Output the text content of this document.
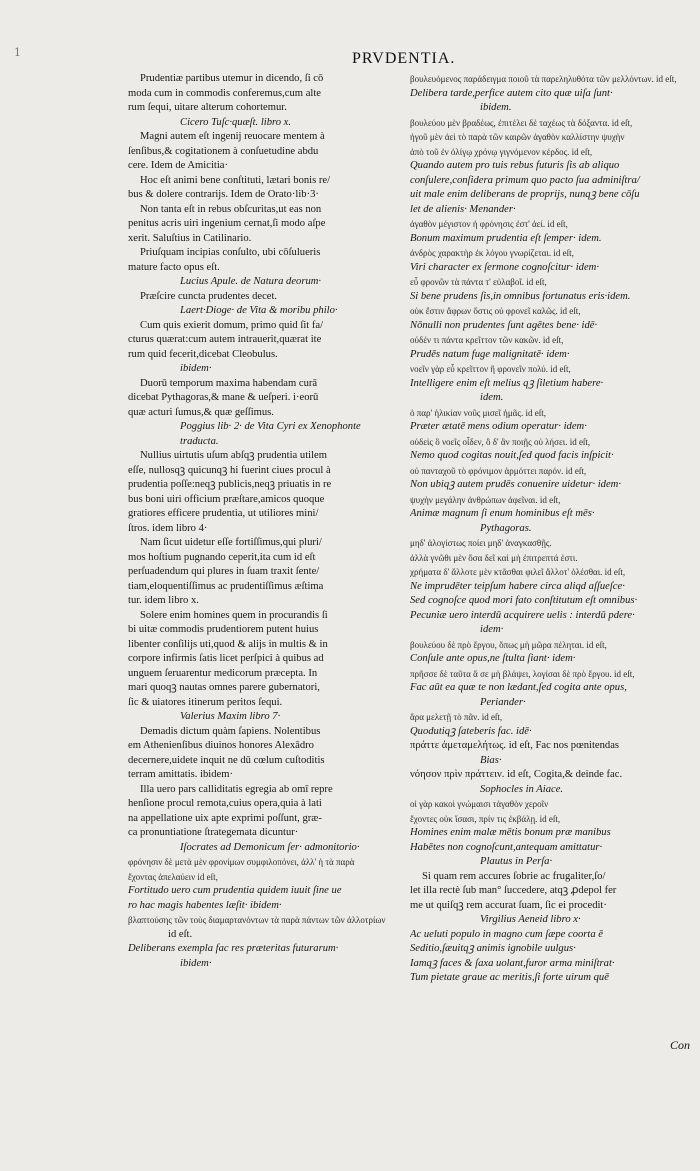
1	PRVDENTIA.
Prudentiæ partibus utemur in dicendo, ſi cō
moda cum in commodis conferemus,cum alte
rum ſequi, uitare alterum cohortemur.
Cicero Tuſc·quæſt. libro x.
Magni autem eſt ingenij reuocare mentem à
ſenſibus,& cogitationem à conſuetudine abdu
cere. Idem de Amicitia·
Hoc eſt animi bene conſtituti, lætari bonis re/
bus & dolere contrarijs. Idem de Orato·lib·3·
Non tanta eſt in rebus obſcuritas,ut eas non
penitus acris uiri ingenium cernat,ſi modo aſpe
xerit. Saluſtius in Catilinario.
Priuſquam incipias conſulto, ubi cōſulueris
mature facto opus eſt.
Lucius Apule. de Natura deorum·
Præſcire cuncta prudentes decet.
Laert·Dioge· de Vita & moribu philo·
Cum quis exierit domum, primo quid ſit fa/
cturus quærat:cum autem intrauerit,quærat ite
rum quid fecerit,dicebat Cleobulus.
ibidem·
Duorū temporum maxima habendam curā
dicebat Pythagoras,& mane & ueſperi. i·eorū
quæ acturi ſumus,& quæ geſſimus.
Poggius lib· 2· de Vita Cyri ex Xenophonte
traducta.
Nullius uirtutis uſum abſqꝫ prudentia utilem
eſſe, nullosqꝫ quicunqꝫ hi fuerint ciues procul à
prudentia poſſe:neqꝫ publicis,neqꝫ priuatis in re
bus boni uiri officium præſtare,amicos quoque
gratiores efficere prudentia, ut utiliores mini/
ſtros. idem libro 4·
Nam ſicut uidetur eſſe fortiſſimus,qui pluri/
mos hoſtium pugnando ceperit,ita cum id eſt
perſuadendum qui plures in ſuam traxit ſente/
tiam,eloquentiſſimus ac prudentiſſimus æſtima
tur. idem libro x.
Solere enim homines quem in procurandis ſi
bi uitæ commodis prudentiorem putent huius
libenter conſilijs uti,quod & alijs in multis & in
corpore infirmis ſatis licet perſpici à quibus ad
unguem ſeruarentur medicorum præcepta. In
mari quoqꝫ nautas omnes parere gubernatori,
ſic & uiatores itinerum peritos ſequi.
Valerius Maxim libro 7·
Demadis dictum quàm ſapiens. Nolentibus
em Athenienſibus diuinos honores Alexādro
decernere,uidete inquit ne dū cœlum cuſtoditis
terram amittatis. ibidem·
Illa uero pars calliditatis egregia ab omī repre
henſione procul remota,cuius opera,quia à lati
na appellatione uix apte exprimi poſſunt, græ-
ca pronuntiatione ſtrategemata dicuntur·
Iſocrates ad Demonicum ſer· admonitorio·
φρόνησιν δὲ μετὰ μὲν φρονίμων συμφιλοπόνει, ἀλλ' ἡ τὰ παρὰ
ἔχοντας ἀπελαύειν id eſt,
Fortitudo uero cum prudentia quidem iuuit ſine ue
ro hac magis habentes læſit· ibidem·
βλαπτούσης τῶν τοὺς διαμαρτανόντων τὰ παρὰ πάντων τῶν ἀλλοτρίων
id eſt.
Deliberans exempla fac res præteritas futurarum·
ibidem·
βουλευόμενος παράδειγμα ποιοῦ τὰ παρεληλυθότα τῶν μελλόντων. id eſt,
Delibera tarde,perfice autem cito quæ uiſa ſunt·
ibidem.
βουλεύου μὲν βραδέως, ἐπιτέλει δὲ ταχέως τὰ δόξαντα. id eſt,
ἡγοῦ μὲν ἀεὶ τὸ παρὰ τῶν καιρῶν ἀγαθὸν καλλίστην ψυχὴν
ἀπὸ τοῦ ἐν ὀλίγῳ χρόνῳ γιγνόμενον κέρδος. id eſt,
Quando autem pro tuis rebus futuris ſis ab aliquo
conſulere,conſidera primum quo pacto ſua adminiſtra/
uit male enim deliberans de proprijs, nunqꝫ bene cōſu
let de alienis· Menander·
ἀγαθὸν μέγιστον ἡ φρόνησις ἐστ' ἀεί. id eſt,
Bonum maximum prudentia eſt ſemper· idem.
ἀνδρὸς χαρακτὴρ ἐκ λόγου γνωρίζεται. id eſt,
Viri character ex ſermone cognoſcitur· idem·
εὖ φρονῶν τὰ πάντα τ' εὐλαβοῖ. id eſt,
Si bene prudens ſis,in omnibus fortunatus eris·idem.
οὐκ ἔστιν ἄφρων ὅστις οὐ φρονεῖ καλῶς. id eſt,
Nōnulli non prudentes ſunt agētes bene· idē·
οὐδέν τι πάντα κρεῖττον τῶν κακῶν. id eſt,
Prudēs natum fuge malignitatē· idem·
νοεῖν γὰρ εὖ κρεῖττον ἢ φρονεῖν πολύ. id eſt,
Intelligere enim eſt melius qꝫ ſiletium habere·
idem.
ὁ παρ' ἡλικίαν νοῦς μισεῖ ἡμᾶς. id eſt,
Præter ætatē mens odium operatur· idem·
οὐδεὶς ὃ νοεῖς οἶδεν, ὃ δ' ἂν ποιῇς οὐ λήσει. id eſt,
Nemo quod cogitas nouit,ſed quod facis inſpicit·
οὐ πανταχοῦ τὸ φρόνιμον ἁρμόττει παρόν. id eſt,
Non ubiqꝫ autem prudēs conuenire uidetur· idem·
ψυχὴν μεγάλην ἀνθρώπων ἀφεῖναι. id eſt,
Animæ magnum ſi enum hominibus eſt mēs·
Pythagoras.
μηδ' ἀλογίστως ποίει μηδ' ἀναγκασθῇς.
ἀλλὰ γνῶθι μὲν ὅσα δεῖ καὶ μὴ ἐπιτρεπτά ἐστι.
χρήματα δ' ἄλλοτε μὲν κτᾶσθαι φιλεῖ ἄλλοτ' ὀλέσθαι. id eſt,
Ne imprudēter teipſum habere circa aliqd aſſueſce·
Sed cognoſce quod mori fato conſtitutum eſt omnibus·
Pecuniæ uero interdū acquirere uelis : interdū pdere·
idem·
βουλεύου δὲ πρὸ ἔργου, ὅπως μὴ μῶρα πέληται. id eſt,
Conſule ante opus,ne ſtulta ſiant· idem·
πρῆσσε δὲ ταῦτα ἅ σε μὴ βλάψει, λογίσαι δὲ πρὸ ἔργου. id eſt,
Fac aūt ea quæ te non lædant,ſed cogita ante opus,
Periander·
ἄρα μελετῇ τὸ πᾶν. id eſt,
Quodutiqꝫ ſateberis fac. idē·
πράττε ἀμεταμελήτως. id eſt, Fac nos pœnitendas
Bias·
νόησον πρὶν πράττειν. id eſt, Cogita,& deinde fac.
Sophocles in Aiace.
οἱ γὰρ κακοὶ γνώμαισι τἀγαθὸν χεροῖν
ἔχοντες οὐκ ἴσασι, πρίν τις ἐκβάλῃ. id eſt,
Homines enim malæ mētis bonum præ manibus
Habētes non cognoſcunt,antequam amittatur·
Plautus in Perſa·
Si quam rem accures ſobrie ac frugaliter,ſo/
let illa rectè ſub man° ſuccedere, atqꝫ ꝓdepol fer
me ut quiſqꝫ rem accurat ſuam, ſic ei procedit·
Virgilius Aeneid libro x·
Ac ueluti populo in magno cum ſæpe coorta ē
Seditio,ſæuitqꝫ animis ignobile uulgus·
Iamqꝫ faces & ſaxa uolant,furor arma miniſtrat·
Tum pietate graue ac meritis,ſi forte uirum quē
Con
